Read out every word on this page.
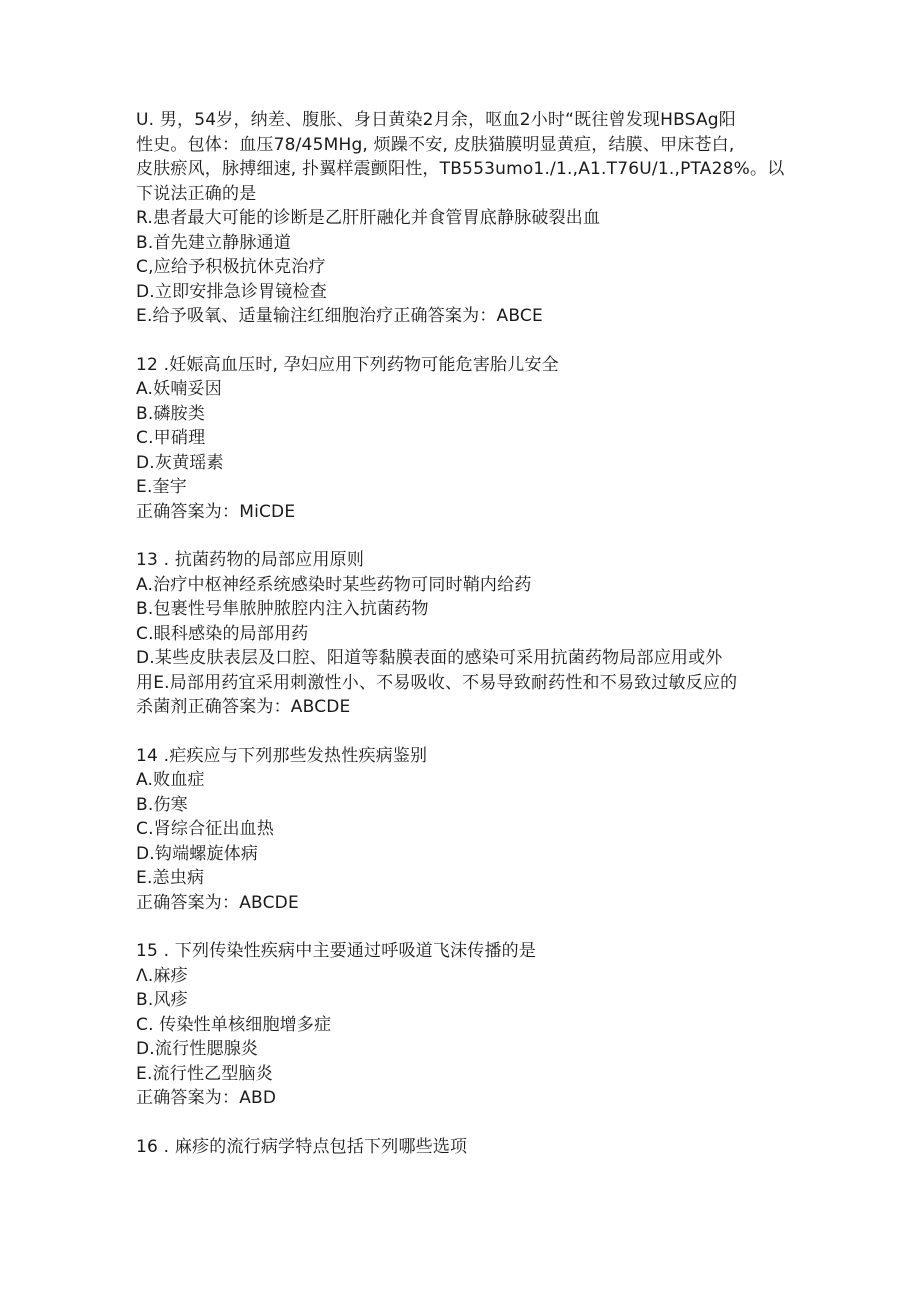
U. 男，54岁，纳差、腹胀、身日黄染2月余，呕血2小时“既往曾发现HBSAg阳
性史。包体：血压78/45MHg, 烦躁不安, 皮肤猫膜明显黄疸，结膜、甲床苍白,
皮肤瘀风，脉搏细速, 扑翼样震颤阳性，TB553umo1./1.,A1.T76U/1.,PTA28%。以
下说法正确的是
R.患者最大可能的诊断是乙肝肝融化并食管胃底静脉破裂出血
B.首先建立静脉通道
C,应给予积极抗休克治疗
D.立即安排急诊胃镜检查
E.给予吸氧、适量输注红细胞治疗正确答案为：ABCE
12 .妊娠高血压时, 孕妇应用下列药物可能危害胎儿安全
A.妖喃妥因
B.磷胺类
C.甲硝理
D.灰黄瑶素
E.奎宇
正确答案为：MiCDE
13 . 抗菌药物的局部应用原则
A.治疗中枢神经系统感染时某些药物可同时鞘内给药
B.包裹性号隼脓肿脓腔内注入抗菌药物
C.眼科感染的局部用药
D.某些皮肤表层及口腔、阳道等黏膜表面的感染可采用抗菌药物局部应用或外
用E.局部用药宜采用刺激性小、不易吸收、不易导致耐药性和不易致过敏反应的
杀菌剂正确答案为：ABCDE
14 .疟疾应与下列那些发热性疾病鉴别
A.败血症
B.伤寒
C.肾综合征出血热
D.钩端螺旋体病
E.恙虫病
正确答案为：ABCDE
15 . 下列传染性疾病中主要通过呼吸道飞沫传播的是
Λ.麻疹
B.风疹
C. 传染性单核细胞增多症
D.流行性腮腺炎
E.流行性乙型脑炎
正确答案为：ABD
16 . 麻疹的流行病学特点包括下列哪些选项
